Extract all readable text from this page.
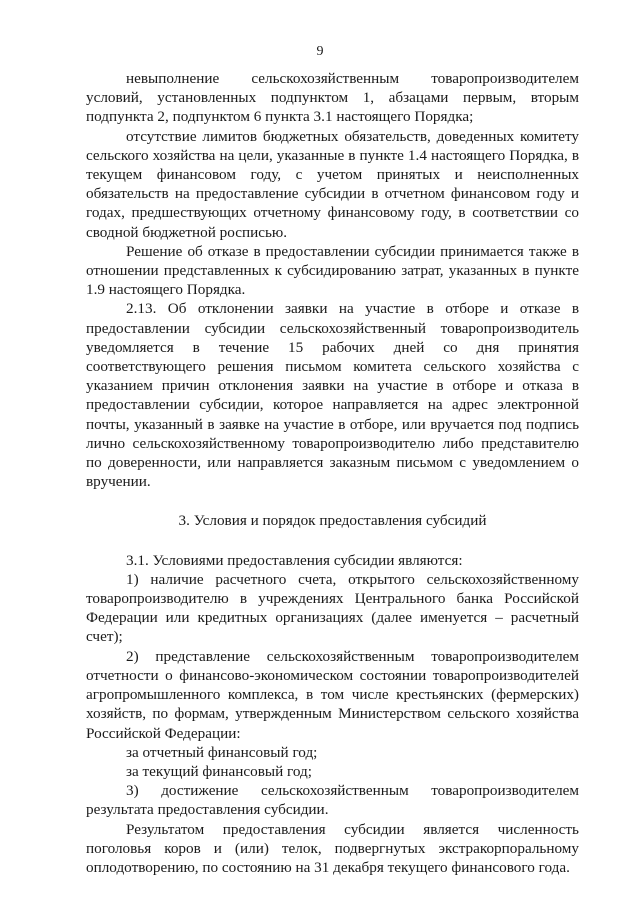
9

невыполнение сельскохозяйственным товаропроизводителем условий, установленных подпунктом 1, абзацами первым, вторым подпункта 2, подпунктом 6 пункта 3.1 настоящего Порядка;

отсутствие лимитов бюджетных обязательств, доведенных комитету сельского хозяйства на цели, указанные в пункте 1.4 настоящего Порядка, в текущем финансовом году, с учетом принятых и неисполненных обязательств на предоставление субсидии в отчетном финансовом году и годах, предшествующих отчетному финансовому году, в соответствии со сводной бюджетной росписью.

Решение об отказе в предоставлении субсидии принимается также в отношении представленных к субсидированию затрат, указанных в пункте 1.9 настоящего Порядка.

2.13. Об отклонении заявки на участие в отборе и отказе в предоставлении субсидии сельскохозяйственный товаропроизводитель уведомляется в течение 15 рабочих дней со дня принятия соответствующего решения письмом комитета сельского хозяйства с указанием причин отклонения заявки на участие в отборе и отказа в предоставлении субсидии, которое направляется на адрес электронной почты, указанный в заявке на участие в отборе, или вручается под подпись лично сельскохозяйственному товаропроизводителю либо представителю по доверенности, или направляется заказным письмом с уведомлением о вручении.

3. Условия и порядок предоставления субсидий

3.1. Условиями предоставления субсидии являются:

1) наличие расчетного счета, открытого сельскохозяйственному товаропроизводителю в учреждениях Центрального банка Российской Федерации или кредитных организациях (далее именуется – расчетный счет);

2) представление сельскохозяйственным товаропроизводителем отчетности о финансово-экономическом состоянии товаропроизводителей агропромышленного комплекса, в том числе крестьянских (фермерских) хозяйств, по формам, утвержденным Министерством сельского хозяйства Российской Федерации:

за отчетный финансовый год;

за текущий финансовый год;

3) достижение сельскохозяйственным товаропроизводителем результата предоставления субсидии.

Результатом предоставления субсидии является численность поголовья коров и (или) телок, подвергнутых экстракорпоральному оплодотворению, по состоянию на 31 декабря текущего финансового года.
